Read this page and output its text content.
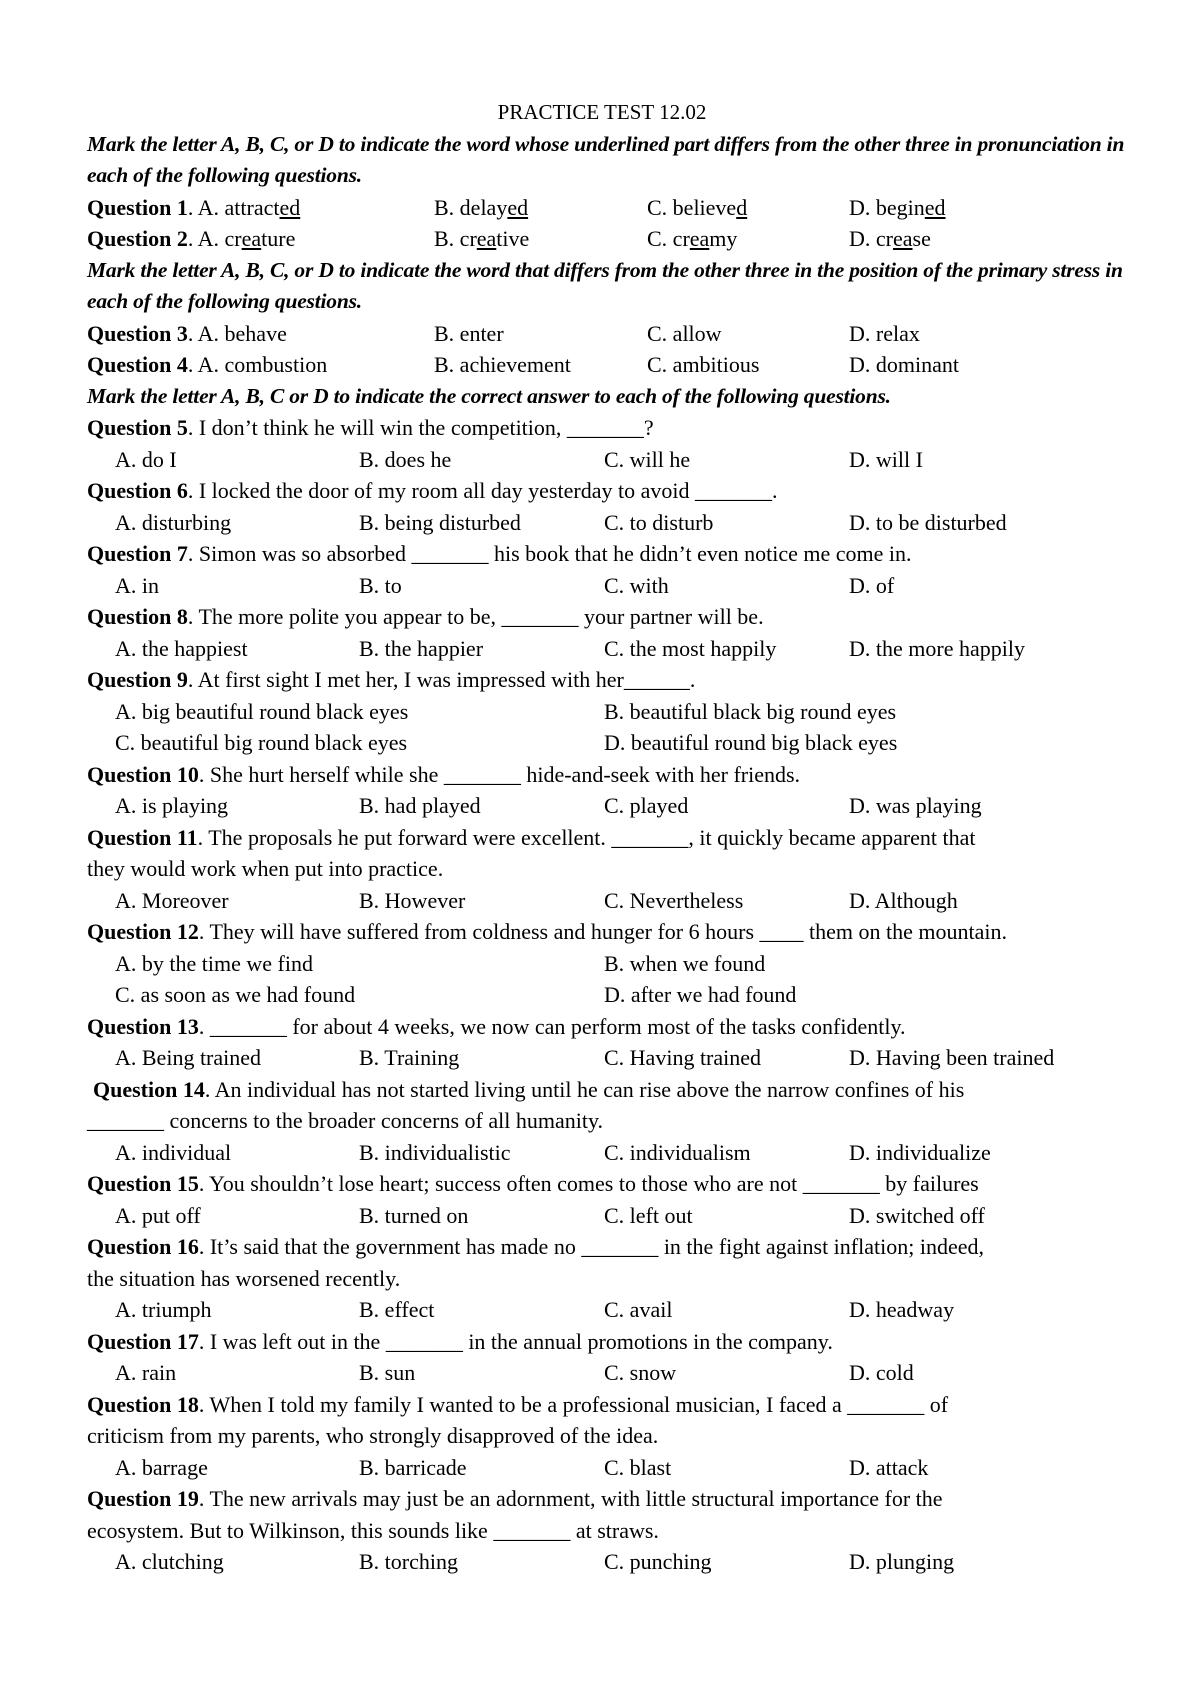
PRACTICE TEST 12.02
Mark the letter A, B, C, or D to indicate the word whose underlined part differs from the other three in pronunciation in each of the following questions.
Question 1. A. attracted	B. delayed	C. believed	D. begined
Question 2. A. creature	B. creative	C. creamy	D. crease
Mark the letter A, B, C, or D to indicate the word that differs from the other three in the position of the primary stress in each of the following questions.
Question 3. A. behave	B. enter	C. allow	D. relax
Question 4. A. combustion	B. achievement	C. ambitious	D. dominant
Mark the letter A, B, C or D to indicate the correct answer to each of the following questions.
Question 5. I don’t think he will win the competition, _______?
A. do I	B. does he	C. will he	D. will I
Question 6. I locked the door of my room all day yesterday to avoid _______.
A. disturbing	B. being disturbed	C. to disturb	D. to be disturbed
Question 7. Simon was so absorbed _______ his book that he didn’t even notice me come in.
A. in	B. to	C. with	D. of
Question 8. The more polite you appear to be, _______ your partner will be.
A. the happiest	B. the happier	C. the most happily	D. the more happily
Question 9. At first sight I met her, I was impressed with her______.
A. big beautiful round black eyes	B. beautiful black big round eyes
C. beautiful big round black eyes	D. beautiful round big black eyes
Question 10. She hurt herself while she _______ hide-and-seek with her friends.
A. is playing	B. had played	C. played	D. was playing
Question 11. The proposals he put forward were excellent. _______, it quickly became apparent that
they would work when put into practice.
A. Moreover	B. However	C. Nevertheless	D. Although
Question 12. They will have suffered from coldness and hunger for 6 hours ____ them on the mountain.
A. by the time we find	B. when we found
C. as soon as we had found	D. after we had found
Question 13. _______ for about 4 weeks, we now can perform most of the tasks confidently.
A. Being trained	B. Training	C. Having trained	D. Having been trained
Question 14. An individual has not started living until he can rise above the narrow confines of his
_______ concerns to the broader concerns of all humanity.
A. individual	B. individualistic	C. individualism	D. individualize
Question 15. You shouldn’t lose heart; success often comes to those who are not _______ by failures
A. put off	B. turned on	C. left out	D. switched off
Question 16. It’s said that the government has made no _______ in the fight against inflation; indeed,
the situation has worsened recently.
A. triumph	B. effect	C. avail	D. headway
Question 17. I was left out in the _______ in the annual promotions in the company.
A. rain	B. sun	C. snow	D. cold
Question 18. When I told my family I wanted to be a professional musician, I faced a _______ of
criticism from my parents, who strongly disapproved of the idea.
A. barrage	B. barricade	C. blast	D. attack
Question 19. The new arrivals may just be an adornment, with little structural importance for the
ecosystem. But to Wilkinson, this sounds like _______ at straws.
A. clutching	B. torching	C. punching	D. plunging
